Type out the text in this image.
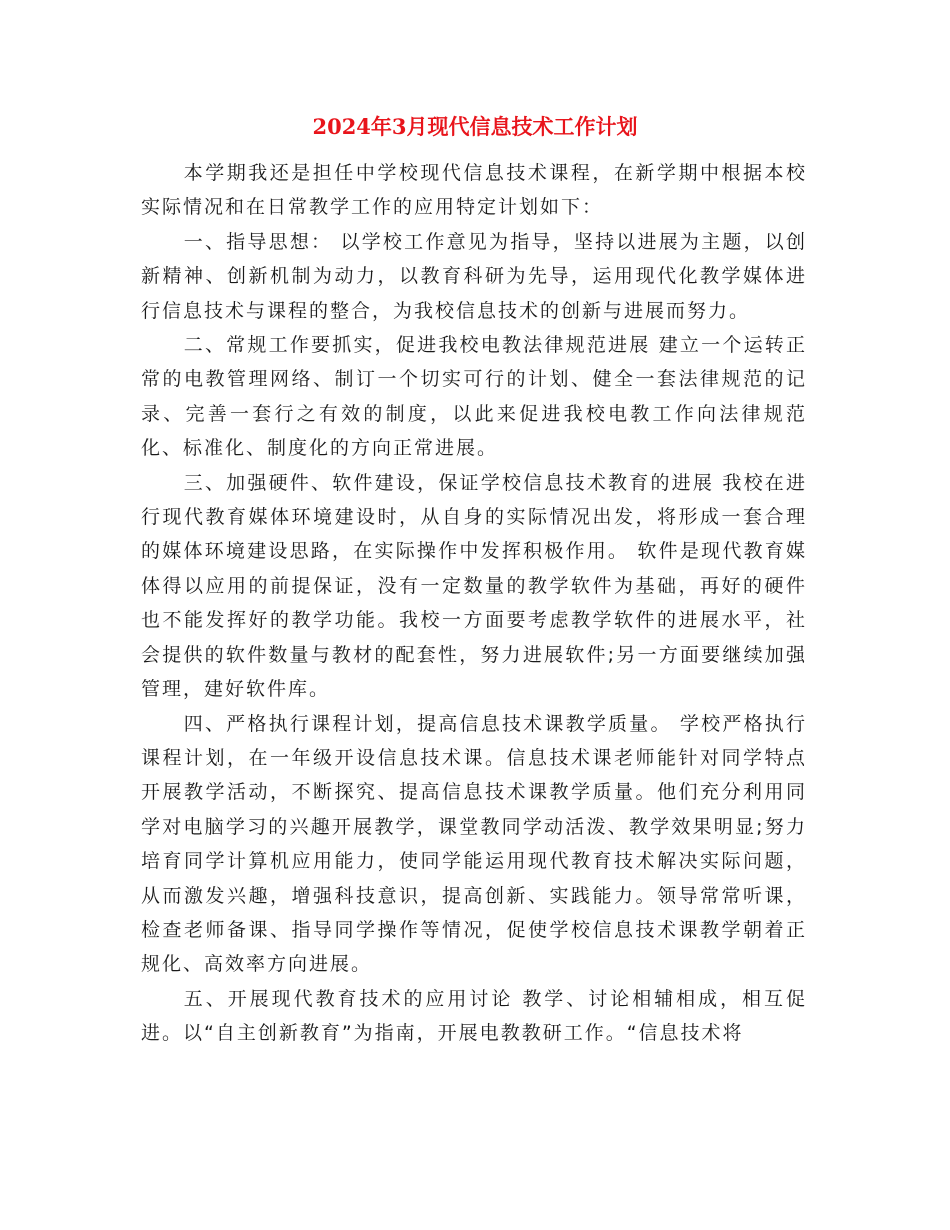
2024年3月现代信息技术工作计划

本学期我还是担任中学校现代信息技术课程，在新学期中根据本校实际情况和在日常教学工作的应用特定计划如下：

一、指导思想： 以学校工作意见为指导，坚持以进展为主题，以创新精神、创新机制为动力，以教育科研为先导，运用现代化教学媒体进行信息技术与课程的整合，为我校信息技术的创新与进展而努力。

二、常规工作要抓实，促进我校电教法律规范进展 建立一个运转正常的电教管理网络、制订一个切实可行的计划、健全一套法律规范的记录、完善一套行之有效的制度，以此来促进我校电教工作向法律规范化、标准化、制度化的方向正常进展。

三、加强硬件、软件建设，保证学校信息技术教育的进展 我校在进行现代教育媒体环境建设时，从自身的实际情况出发，将形成一套合理的媒体环境建设思路，在实际操作中发挥积极作用。 软件是现代教育媒体得以应用的前提保证，没有一定数量的教学软件为基础，再好的硬件也不能发挥好的教学功能。我校一方面要考虑教学软件的进展水平，社会提供的软件数量与教材的配套性，努力进展软件;另一方面要继续加强管理，建好软件库。

四、严格执行课程计划，提高信息技术课教学质量。 学校严格执行课程计划，在一年级开设信息技术课。信息技术课老师能针对同学特点开展教学活动，不断探究、提高信息技术课教学质量。他们充分利用同学对电脑学习的兴趣开展教学，课堂教同学动活泼、教学效果明显;努力培育同学计算机应用能力，使同学能运用现代教育技术解决实际问题，从而激发兴趣，增强科技意识，提高创新、实践能力。领导常常听课，检查老师备课、指导同学操作等情况，促使学校信息技术课教学朝着正规化、高效率方向进展。

五、开展现代教育技术的应用讨论 教学、讨论相辅相成，相互促进。以“自主创新教育”为指南，开展电教教研工作。“信息技术将
